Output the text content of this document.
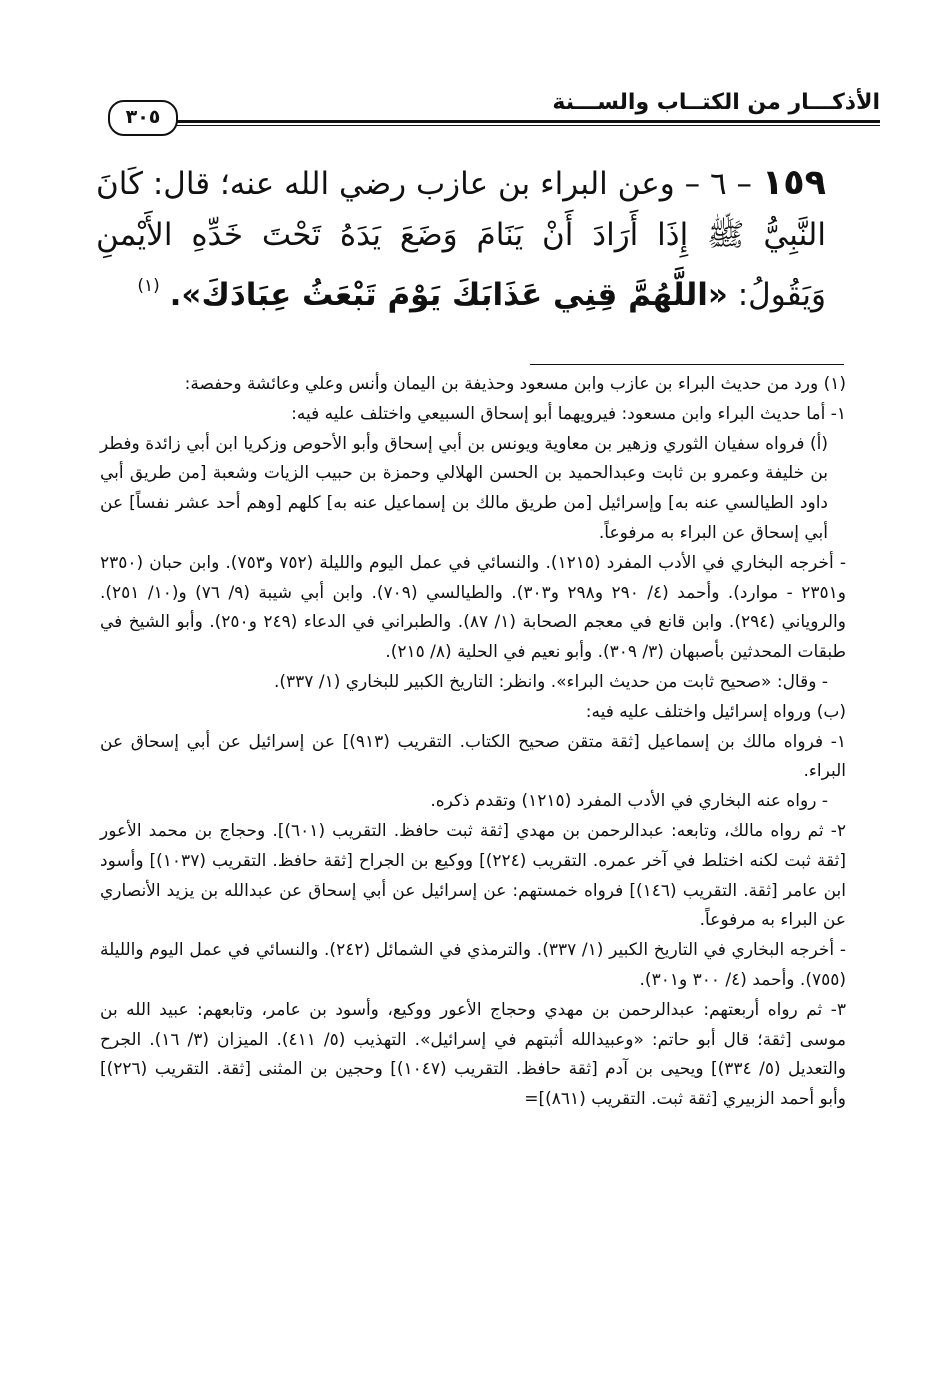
الأذكـــار من الكتــاب والســـنة
٣٠٥
١٥٩ – ٦ – وعن البراء بن عازب رضي الله عنه؛ قال: كَانَ النَّبِيُّ ﷺ إِذَا أَرَادَ أَنْ يَنَامَ وَضَعَ يَدَهُ تَحْتَ خَدِّهِ الأَيْمنِ وَيَقُولُ: «اللَّهُمَّ قِنِي عَذَابَكَ يَوْمَ تَبْعَثُ عِبَادَكَ». $^{(١)}$

(١) ورد من حديث البراء بن عازب وابن مسعود وحذيفة بن اليمان وأنس وعلي وعائشة وحفصة:

١- أما حديث البراء وابن مسعود: فيرويهما أبو إسحاق السبيعي واختلف عليه فيه:

(أ) فرواه سفيان الثوري وزهير بن معاوية ويونس بن أبي إسحاق وأبو الأحوص وزكريا ابن أبي زائدة وفطر بن خليفة وعمرو بن ثابت وعبدالحميد بن الحسن الهلالي وحمزة بن حبيب الزيات وشعبة [من طريق أبي داود الطيالسي عنه به] وإسرائيل [من طريق مالك بن إسماعيل عنه به] كلهم [وهم أحد عشر نفساً] عن أبي إسحاق عن البراء به مرفوعاً.

- أخرجه البخاري في الأدب المفرد (١٢١٥). والنسائي في عمل اليوم والليلة (٧٥٢ و٧٥٣). وابن حبان (٢٣٥٠ و٢٣٥١ - موارد). وأحمد (٤/ ٢٩٠ و٢٩٨ و٣٠٣). والطيالسي (٧٠٩). وابن أبي شيبة (٩/ ٧٦) و(١٠/ ٢٥١). والروياني (٢٩٤). وابن قانع في معجم الصحابة (١/ ٨٧). والطبراني في الدعاء (٢٤٩ و٢٥٠). وأبو الشيخ في طبقات المحدثين بأصبهان (٣/ ٣٠٩). وأبو نعيم في الحلية (٨/ ٢١٥).

- وقال: «صحيح ثابت من حديث البراء». وانظر: التاريخ الكبير للبخاري (١/ ٣٣٧).

(ب) ورواه إسرائيل واختلف عليه فيه:

١- فرواه مالك بن إسماعيل [ثقة متقن صحيح الكتاب. التقريب (٩١٣)] عن إسرائيل عن أبي إسحاق عن البراء.

- رواه عنه البخاري في الأدب المفرد (١٢١٥) وتقدم ذكره.

٢- ثم رواه مالك، وتابعه: عبدالرحمن بن مهدي [ثقة ثبت حافظ. التقريب (٦٠١)]. وحجاج بن محمد الأعور [ثقة ثبت لكنه اختلط في آخر عمره. التقريب (٢٢٤)] ووكيع بن الجراح [ثقة حافظ. التقريب (١٠٣٧)] وأسود ابن عامر [ثقة. التقريب (١٤٦)] فرواه خمستهم: عن إسرائيل عن أبي إسحاق عن عبدالله بن يزيد الأنصاري عن البراء به مرفوعاً.

- أخرجه البخاري في التاريخ الكبير (١/ ٣٣٧). والترمذي في الشمائل (٢٤٢). والنسائي في عمل اليوم والليلة (٧٥٥). وأحمد (٤/ ٣٠٠ و٣٠١).

٣- ثم رواه أربعتهم: عبدالرحمن بن مهدي وحجاج الأعور ووكيع، وأسود بن عامر، وتابعهم: عبيد الله بن موسى [ثقة؛ قال أبو حاتم: «وعبيدالله أثبتهم في إسرائيل». التهذيب (٥/ ٤١١). الميزان (٣/ ١٦). الجرح والتعديل (٥/ ٣٣٤)] ويحيى بن آدم [ثقة حافظ. التقريب (١٠٤٧)] وحجين بن المثنى [ثقة. التقريب (٢٢٦)] وأبو أحمد الزبيري [ثقة ثبت. التقريب (٨٦١)]=
